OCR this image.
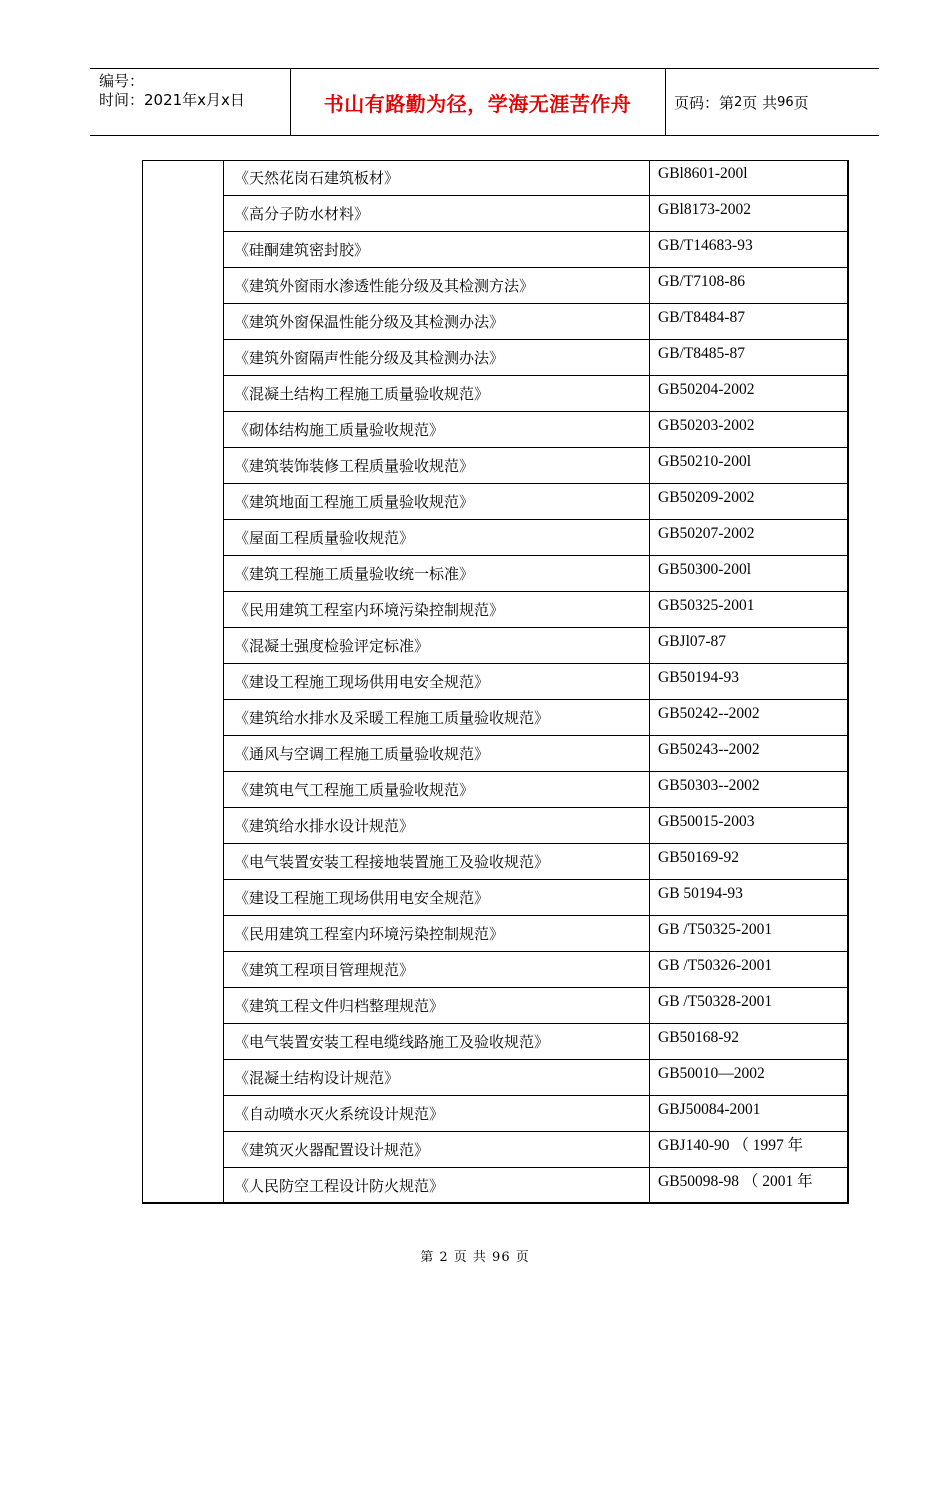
编号：
时间：2021年x月x日	书山有路勤为径，学海无涯苦作舟	页码：第 2 页 共 96 页
《天然花岗石建筑板材》	GBl8601-200l
《高分子防水材料》	GBl8173-2002
《硅酮建筑密封胶》	GB/T14683-93
《建筑外窗雨水渗透性能分级及其检测方法》	GB/T7108-86
《建筑外窗保温性能分级及其检测办法》	GB/T8484-87
《建筑外窗隔声性能分级及其检测办法》	GB/T8485-87
《混凝土结构工程施工质量验收规范》	GB50204-2002
《砌体结构施工质量验收规范》	GB50203-2002
《建筑装饰装修工程质量验收规范》	GB50210-200l
《建筑地面工程施工质量验收规范》	GB50209-2002
《屋面工程质量验收规范》	GB50207-2002
《建筑工程施工质量验收统一标准》	GB50300-200l
《民用建筑工程室内环境污染控制规范》	GB50325-2001
《混凝土强度检验评定标准》	GBJl07-87
《建设工程施工现场供用电安全规范》	GB50194-93
《建筑给水排水及采暖工程施工质量验收规范》	GB50242--2002
《通风与空调工程施工质量验收规范》	GB50243--2002
《建筑电气工程施工质量验收规范》	GB50303--2002
《建筑给水排水设计规范》	GB50015-2003
《电气装置安装工程接地装置施工及验收规范》	GB50169-92
《建设工程施工现场供用电安全规范》	GB 50194-93
《民用建筑工程室内环境污染控制规范》	GB /T50325-2001
《建筑工程项目管理规范》	GB /T50326-2001
《建筑工程文件归档整理规范》	GB /T50328-2001
《电气装置安装工程电缆线路施工及验收规范》	GB50168-92
《混凝土结构设计规范》	GB50010—2002
《自动喷水灭火系统设计规范》	GBJ50084-2001
《建筑灭火器配置设计规范》	GBJ140-90 （ 1997 年
《人民防空工程设计防火规范》	GB50098-98 （ 2001 年
第 2 页 共 96 页
